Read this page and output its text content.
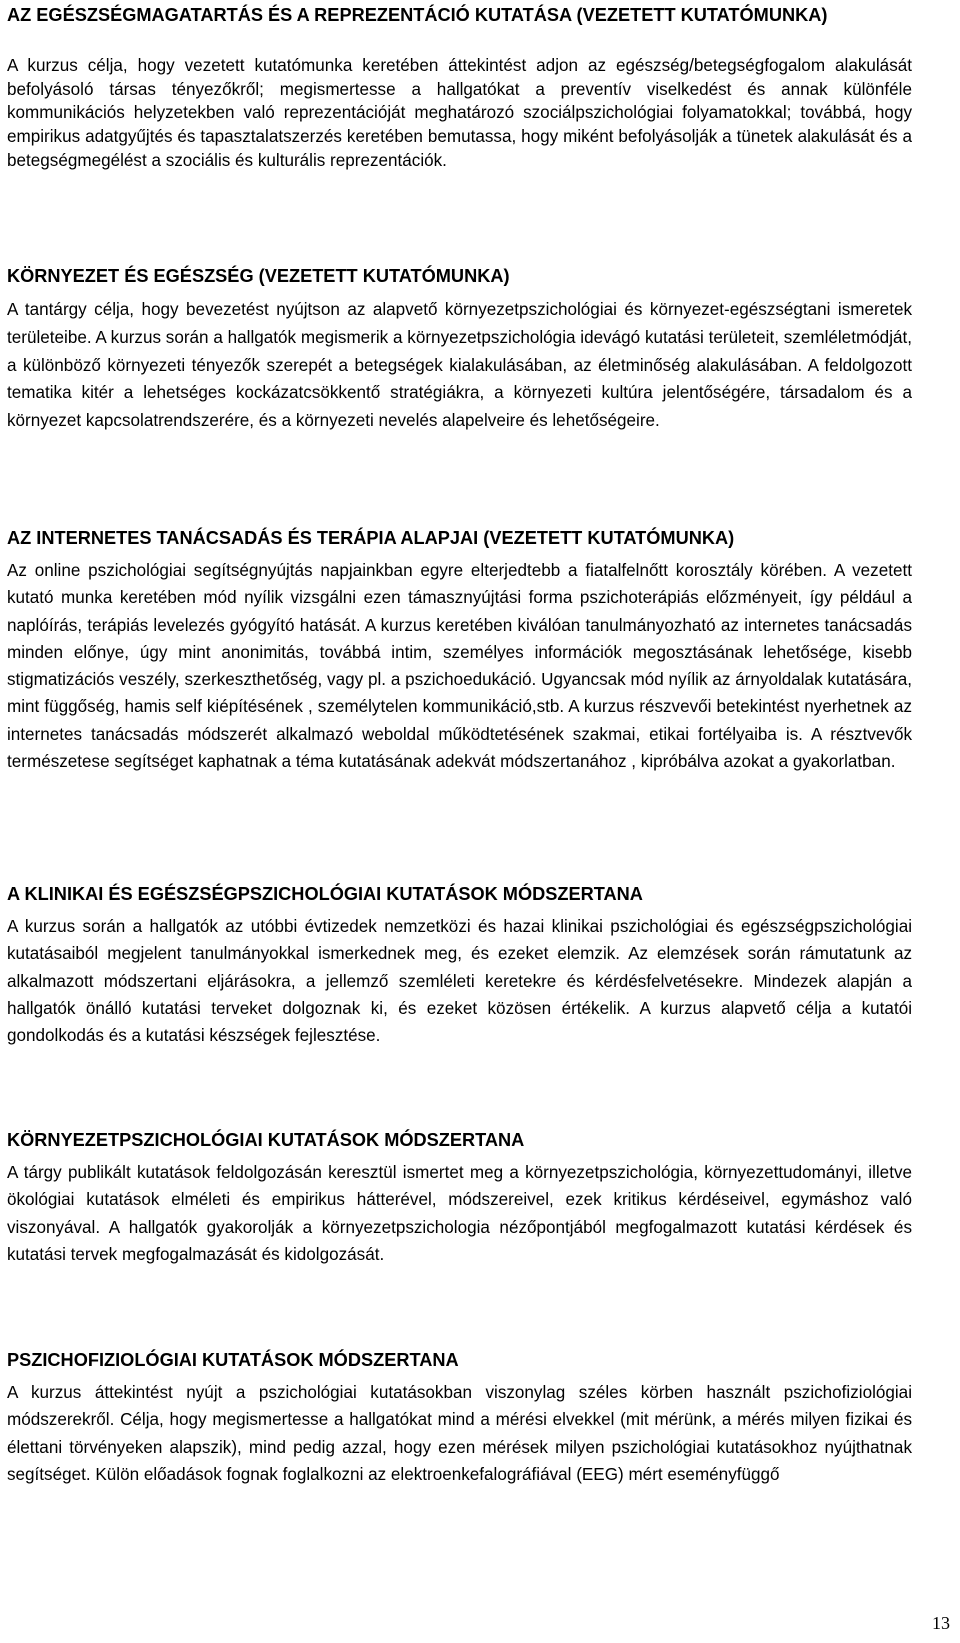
AZ EGÉSZSÉGMAGATARTÁS ÉS A REPREZENTÁCIÓ KUTATÁSA (VEZETETT KUTATÓMUNKA)

A kurzus célja, hogy vezetett kutatómunka keretében áttekintést adjon az egészség/betegségfogalom alakulását befolyásoló társas tényezőkről; megismertesse a hallgatókat a preventív viselkedést és annak különféle kommunikációs helyzetekben való reprezentációját meghatározó szociálpszichológiai folyamatokkal; továbbá, hogy empirikus adatgyűjtés és tapasztalatszerzés keretében bemutassa, hogy miként befolyásolják a tünetek alakulását és a betegségmegélést a szociális és kulturális reprezentációk.

KÖRNYEZET ÉS EGÉSZSÉG (VEZETETT KUTATÓMUNKA)

A tantárgy célja, hogy bevezetést nyújtson az alapvető környezetpszichológiai és környezet-egészségtani ismeretek területeibe. A kurzus során a hallgatók megismerik a környezetpszichológia idevágó kutatási területeit, szemléletmódját, a különböző környezeti tényezők szerepét a betegségek kialakulásában, az életminőség alakulásában. A feldolgozott tematika kitér a lehetséges kockázatcsökkentő stratégiákra, a környezeti kultúra jelentőségére, társadalom és a környezet kapcsolatrendszerére, és a környezeti nevelés alapelveire és lehetőségeire.

AZ INTERNETES TANÁCSADÁS ÉS TERÁPIA ALAPJAI (VEZETETT KUTATÓMUNKA)

Az online pszichológiai segítségnyújtás napjainkban egyre elterjedtebb a fiatalfelnőtt korosztály körében. A vezetett kutató munka keretében mód nyílik vizsgálni ezen támasznyújtási forma pszichoterápiás előzményeit, így például a naplóírás, terápiás levelezés gyógyító hatását. A kurzus keretében kiválóan tanulmányozható az internetes tanácsadás minden előnye, úgy mint anonimitás, továbbá intim, személyes információk megosztásának lehetősége, kisebb stigmatizációs veszély, szerkeszthetőség, vagy pl. a pszichoedukáció. Ugyancsak mód nyílik az árnyoldalak kutatására, mint függőség, hamis self kiépítésének , személytelen kommunikáció,stb. A kurzus részvevői betekintést nyerhetnek az internetes tanácsadás módszerét alkalmazó weboldal működtetésének szakmai, etikai fortélyaiba is. A résztvevők természetese segítséget kaphatnak a téma kutatásának adekvát módszertanához , kipróbálva azokat a gyakorlatban.

A KLINIKAI ÉS EGÉSZSÉGPSZICHOLÓGIAI KUTATÁSOK MÓDSZERTANA

A kurzus során a hallgatók az utóbbi évtizedek nemzetközi és hazai klinikai pszichológiai és egészségpszichológiai kutatásaiból megjelent tanulmányokkal ismerkednek meg, és ezeket elemzik. Az elemzések során rámutatunk az alkalmazott módszertani eljárásokra, a jellemző szemléleti keretekre és kérdésfelvetésekre. Mindezek alapján a hallgatók önálló kutatási terveket dolgoznak ki, és ezeket közösen értékelik. A kurzus alapvető célja a kutatói gondolkodás és a kutatási készségek fejlesztése.

KÖRNYEZETPSZICHOLÓGIAI KUTATÁSOK MÓDSZERTANA

A tárgy publikált kutatások feldolgozásán keresztül ismertet meg a környezetpszichológia, környezettudományi, illetve ökológiai kutatások elméleti és empirikus hátterével, módszereivel, ezek kritikus kérdéseivel, egymáshoz való viszonyával. A hallgatók gyakorolják a környezetpszichologia nézőpontjából megfogalmazott kutatási kérdések és kutatási tervek megfogalmazását és kidolgozását.

PSZICHOFIZIOLÓGIAI KUTATÁSOK MÓDSZERTANA

A kurzus áttekintést nyújt a pszichológiai kutatásokban viszonylag széles körben használt pszichofiziológiai módszerekről. Célja, hogy megismertesse a hallgatókat mind a mérési elvekkel (mit mérünk, a mérés milyen fizikai és élettani törvényeken alapszik), mind pedig azzal, hogy ezen mérések milyen pszichológiai kutatásokhoz nyújthatnak segítséget. Külön előadások fognak foglalkozni az elektroenkefalográfiával (EEG) mért eseményfüggő

13
